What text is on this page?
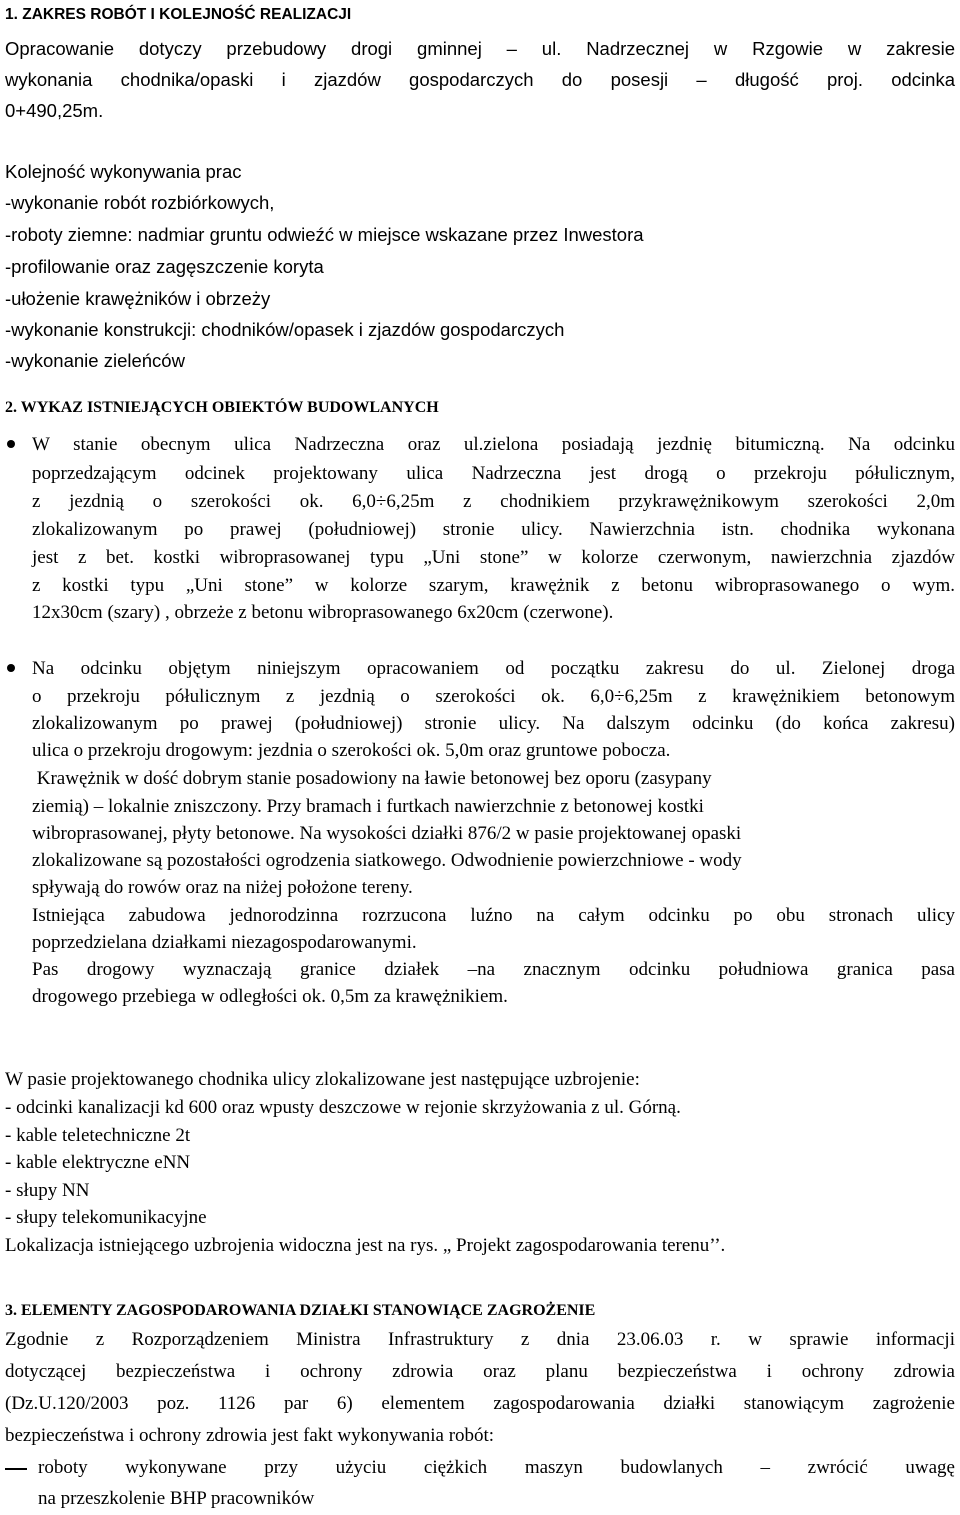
1. ZAKRES ROBÓT I KOLEJNOŚĆ REALIZACJI
Opracowanie dotyczy przebudowy drogi gminnej – ul. Nadrzecznej w Rzgowie w zakresie
wykonania chodnika/opaski i zjazdów gospodarczych do posesji – długość proj. odcinka
0+490,25m.
Kolejność wykonywania prac
-wykonanie robót rozbiórkowych,
-roboty ziemne: nadmiar gruntu odwieźć w miejsce wskazane przez Inwestora
-profilowanie oraz zagęszczenie koryta
-ułożenie krawężników i obrzeży
-wykonanie konstrukcji: chodników/opasek i zjazdów gospodarczych
-wykonanie zieleńców
2. WYKAZ ISTNIEJĄCYCH OBIEKTÓW BUDOWLANYCH
W stanie obecnym ulica Nadrzeczna oraz ul.zielona posiadają jezdnię bitumiczną. Na odcinku
poprzedzającym odcinek projektowany ulica Nadrzeczna jest drogą o przekroju półulicznym,
z jezdnią o szerokości ok. 6,0÷6,25m z chodnikiem przykrawężnikowym szerokości 2,0m
zlokalizowanym po prawej (południowej) stronie ulicy. Nawierzchnia istn. chodnika wykonana
jest z bet. kostki wibroprasowanej typu „Uni stone” w kolorze czerwonym, nawierzchnia zjazdów
z kostki typu „Uni stone” w kolorze szarym, krawężnik z betonu wibroprasowanego o wym.
12x30cm (szary) , obrzeże z betonu wibroprasowanego 6x20cm (czerwone).
Na odcinku objętym niniejszym opracowaniem od początku zakresu do ul. Zielonej droga
o przekroju półulicznym z jezdnią o szerokości ok. 6,0÷6,25m z krawężnikiem betonowym
zlokalizowanym po prawej (południowej) stronie ulicy. Na dalszym odcinku (do końca zakresu)
ulica o przekroju drogowym: jezdnia o szerokości ok. 5,0m oraz gruntowe pobocza.
Krawężnik w dość dobrym stanie posadowiony na ławie betonowej bez oporu (zasypany
ziemią) – lokalnie zniszczony. Przy bramach i furtkach nawierzchnie z betonowej kostki
wibroprasowanej, płyty betonowe. Na wysokości działki 876/2 w pasie projektowanej opaski
zlokalizowane są pozostałości ogrodzenia siatkowego. Odwodnienie powierzchniowe - wody
spływają do rowów oraz na niżej położone tereny.
Istniejąca zabudowa jednorodzinna rozrzucona luźno na całym odcinku po obu stronach ulicy
poprzedzielana działkami niezagospodarowanymi.
Pas drogowy wyznaczają granice działek –na znacznym odcinku południowa granica pasa
drogowego przebiega w odległości ok. 0,5m za krawężnikiem.
W pasie projektowanego chodnika ulicy zlokalizowane jest następujące uzbrojenie:
- odcinki kanalizacji kd 600 oraz wpusty deszczowe w rejonie skrzyżowania z ul. Górną.
- kable teletechniczne 2t
- kable elektryczne eNN
- słupy NN
- słupy telekomunikacyjne
Lokalizacja istniejącego uzbrojenia widoczna jest na rys. „ Projekt zagospodarowania terenu’’.
3. ELEMENTY ZAGOSPODAROWANIA DZIAŁKI STANOWIĄCE ZAGROŻENIE
Zgodnie z Rozporządzeniem Ministra Infrastruktury z dnia 23.06.03 r. w sprawie informacji
dotyczącej bezpieczeństwa i ochrony zdrowia oraz planu bezpieczeństwa i ochrony zdrowia
(Dz.U.120/2003 poz. 1126 par 6) elementem zagospodarowania działki stanowiącym zagrożenie
bezpieczeństwa i ochrony zdrowia jest fakt wykonywania robót:
roboty wykonywane przy użyciu ciężkich maszyn budowlanych – zwrócić uwagę
na przeszkolenie BHP pracowników
